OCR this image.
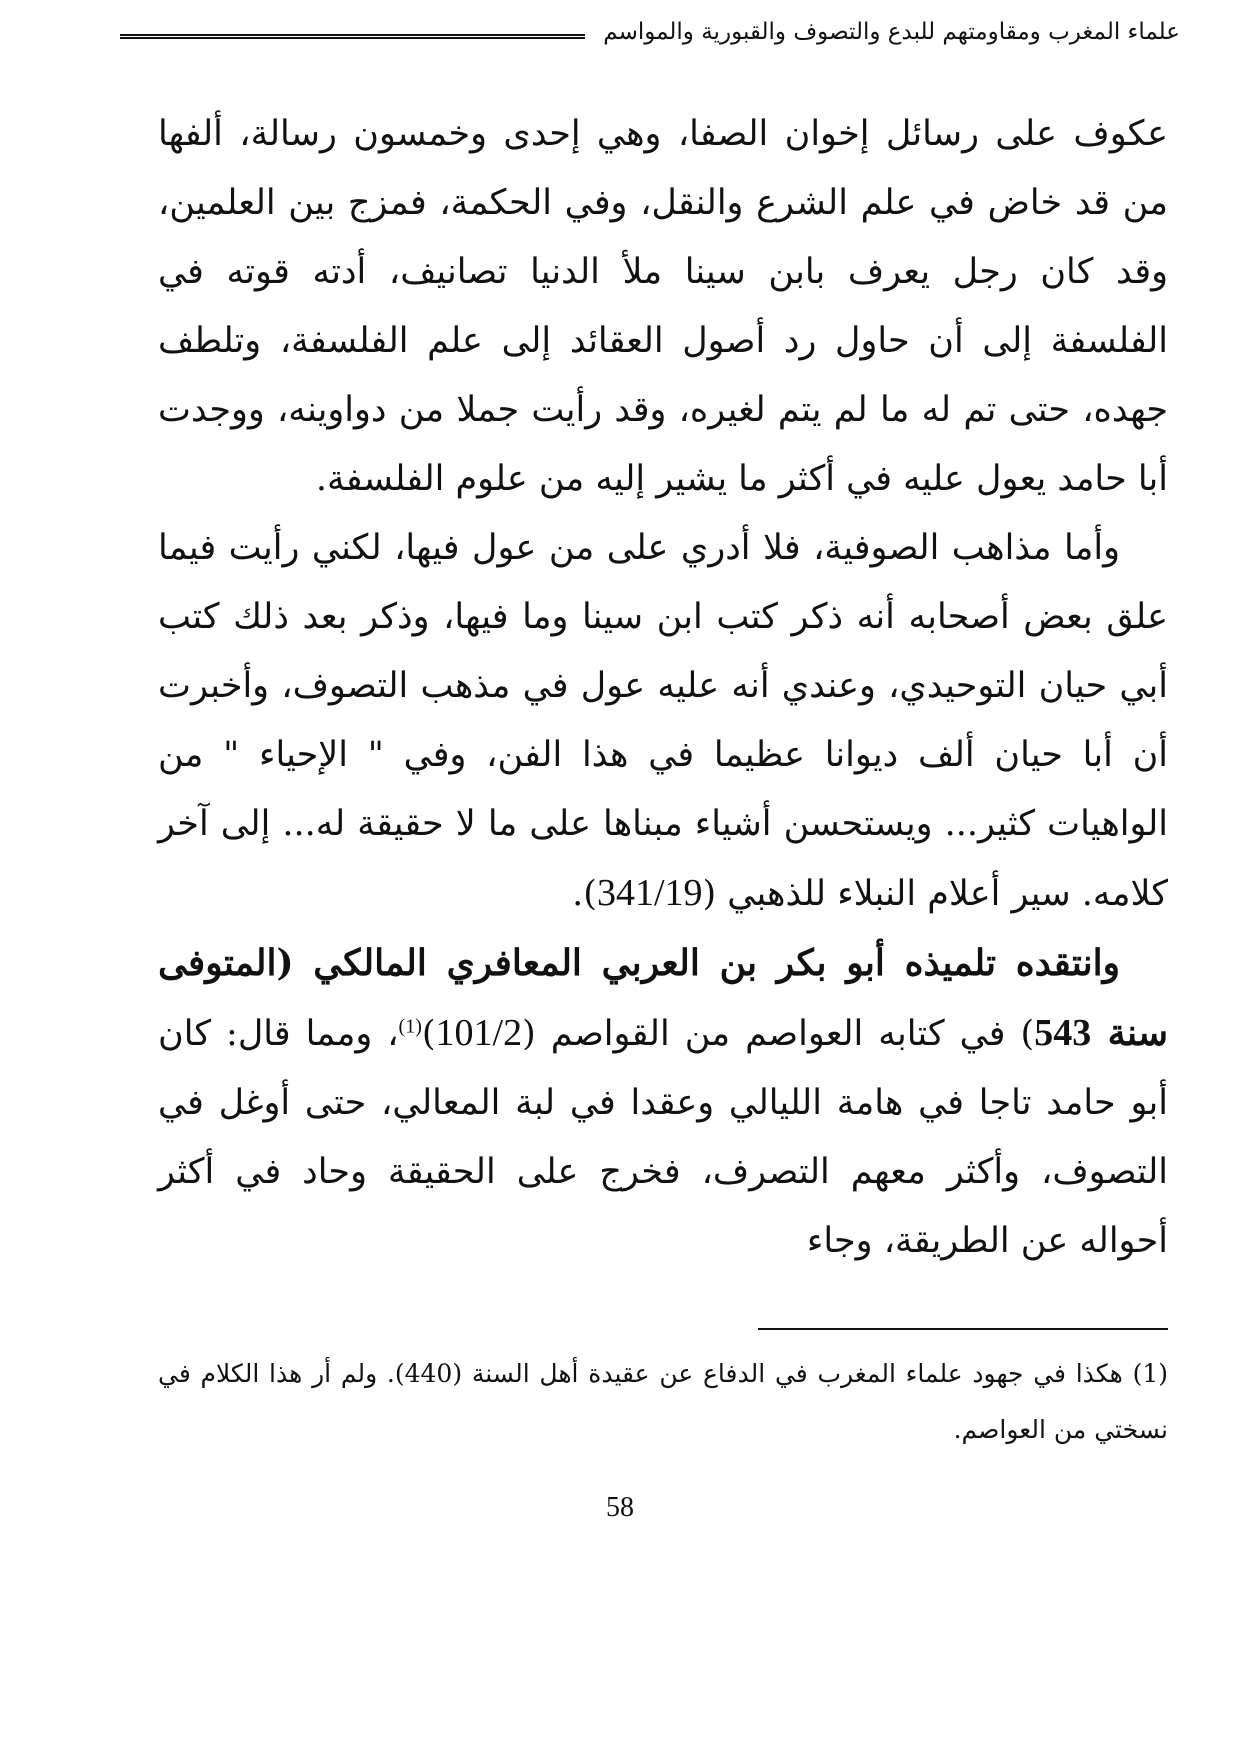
علماء المغرب ومقاومتهم للبدع والتصوف والقبورية والمواسم

عكوف على رسائل إخوان الصفا، وهي إحدى وخمسون رسالة، ألفها من قد خاض في علم الشرع والنقل، وفي الحكمة، فمزج بين العلمين، وقد كان رجل يعرف بابن سينا ملأ الدنيا تصانيف، أدته قوته في الفلسفة إلى أن حاول رد أصول العقائد إلى علم الفلسفة، وتلطف جهده، حتى تم له ما لم يتم لغيره، وقد رأيت جملا من دواوينه، ووجدت أبا حامد يعول عليه في أكثر ما يشير إليه من علوم الفلسفة.

وأما مذاهب الصوفية، فلا أدري على من عول فيها، لكني رأيت فيما علق بعض أصحابه أنه ذكر كتب ابن سينا وما فيها، وذكر بعد ذلك كتب أبي حيان التوحيدي، وعندي أنه عليه عول في مذهب التصوف، وأخبرت أن أبا حيان ألف ديوانا عظيما في هذا الفن، وفي " الإحياء " من الواهيات كثير... ويستحسن أشياء مبناها على ما لا حقيقة له... إلى آخر كلامه. سير أعلام النبلاء للذهبي (341/19).

وانتقده تلميذه أبو بكر بن العربي المعافري المالكي (المتوفى سنة 543) في كتابه العواصم من القواصم $(101/2)^{(1)}،$ ومما قال: كان أبو حامد تاجا في هامة الليالي وعقدا في لبة المعالي، حتى أوغل في التصوف، وأكثر معهم التصرف، فخرج على الحقيقة وحاد في أكثر أحواله عن الطريقة، وجاء

(1) هكذا في جهود علماء المغرب في الدفاع عن عقيدة أهل السنة (440). ولم أر هذا الكلام في نسختي من العواصم.
58
